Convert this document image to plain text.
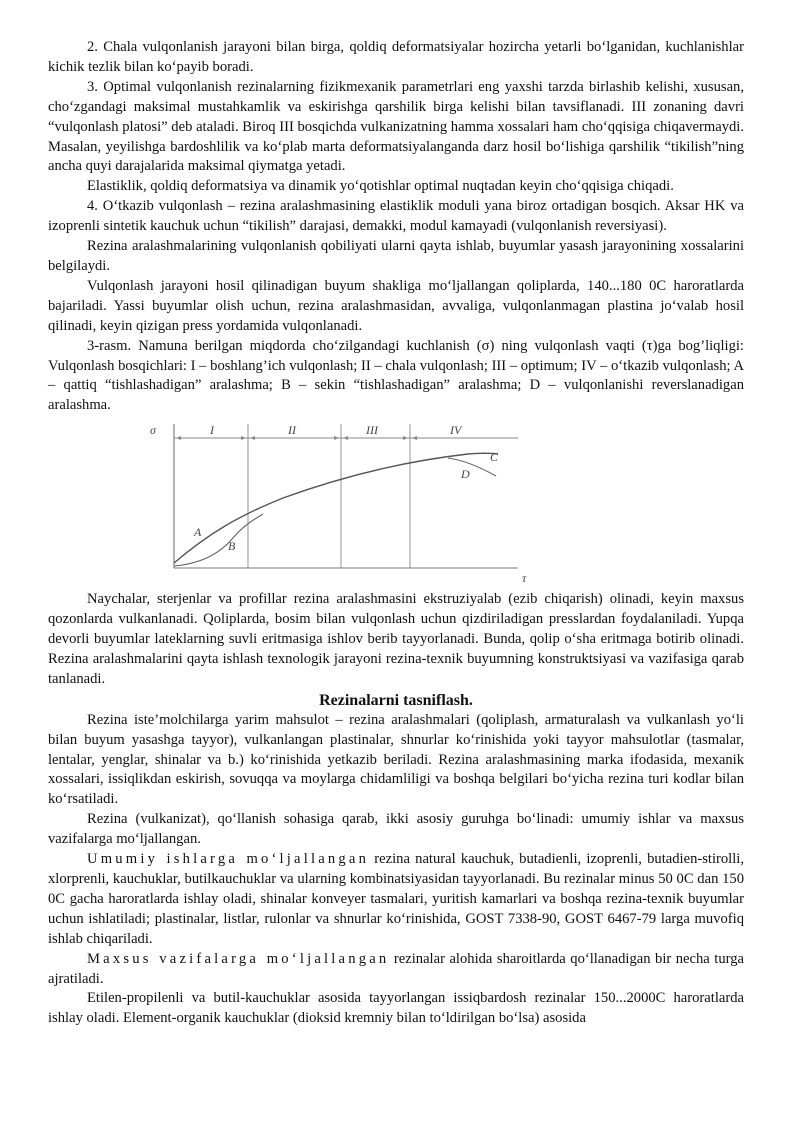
2. Chala vulqonlanish jarayoni bilan birga, qoldiq deformatsiyalar hozircha yetarli bo‘lganidan, kuchlanishlar kichik tezlik bilan ko‘payib boradi.

3. Optimal vulqonlanish rezinalarning fizikmexanik parametrlari eng yaxshi tarzda birlashib kelishi, xususan, cho‘zgandagi maksimal mustahkamlik va eskirishga qarshilik birga kelishi bilan tavsiflanadi. III zonaning davri “vulqonlash platosi” deb ataladi. Biroq III bosqichda vulkanizatning hamma xossalari ham cho‘qqisiga chiqavermaydi. Masalan, yeyilishga bardoshlilik va ko‘plab marta deformatsiyalanganda darz hosil bo‘lishiga qarshilik “tikilish”ning ancha quyi darajalarida maksimal qiymatga yetadi.

Elastiklik, qoldiq deformatsiya va dinamik yo‘qotishlar optimal nuqtadan keyin cho‘qqisiga chiqadi.

4. O‘tkazib vulqonlash – rezina aralashmasining elastiklik moduli yana biroz ortadigan bosqich. Aksar HK va izoprenli sintetik kauchuk uchun “tikilish” darajasi, demakki, modul kamayadi (vulqonlanish reversiyasi).

Rezina aralashmalarining vulqonlanish qobiliyati ularni qayta ishlab, buyumlar yasash jarayonining xossalarini belgilaydi.

Vulqonlash jarayoni hosil qilinadigan buyum shakliga mo‘ljallangan qoliplarda, 140...180 0C haroratlarda bajariladi. Yassi buyumlar olish uchun, rezina aralashmasidan, avvaliga, vulqonlanmagan plastina jo‘valab hosil qilinadi, keyin qizigan press yordamida vulqonlanadi.

3-rasm. Namuna berilgan miqdorda cho‘zilgandagi kuchlanish (σ) ning vulqonlash vaqti (τ)ga bog’liqligi: Vulqonlash bosqichlari: I – boshlang’ich vulqonlash; II – chala vulqonlash; III – optimum; IV – o‘tkazib vulqonlash; A – qattiq “tishlashadigan” aralashma; B – sekin “tishlashadigan” aralashma; D – vulqonlanishi reverslanadigan aralashma.

σ
τ
I	II	III	IV
A
B
C
D

Naychalar, sterjenlar va profillar rezina aralashmasini ekstruziyalab (ezib chiqarish) olinadi, keyin maxsus qozonlarda vulkanlanadi. Qoliplarda, bosim bilan vulqonlash uchun qizdiriladigan presslardan foydalaniladi. Yupqa devorli buyumlar lateklarning suvli eritmasiga ishlov berib tayyorlanadi. Bunda, qolip o‘sha eritmaga botirib olinadi. Rezina aralashmalarini qayta ishlash texnologik jarayoni rezina-texnik buyumning konstruktsiyasi va vazifasiga qarab tanlanadi.

Rezinalarni tasniflash.

Rezina iste’molchilarga yarim mahsulot – rezina aralashmalari (qoliplash, armaturalash va vulkanlash yo‘li bilan buyum yasashga tayyor), vulkanlangan plastinalar, shnurlar ko‘rinishida yoki tayyor mahsulotlar (tasmalar, lentalar, yenglar, shinalar va b.) ko‘rinishida yetkazib beriladi. Rezina aralashmasining marka ifodasida, mexanik xossalari, issiqlikdan eskirish, sovuqqa va moylarga chidamliligi va boshqa belgilari bo‘yicha rezina turi kodlar bilan ko‘rsatiladi.

Rezina (vulkanizat), qo‘llanish sohasiga qarab, ikki asosiy guruhga bo‘linadi: umumiy ishlar va maxsus vazifalarga mo‘ljallangan.

Umumiy ishlarga mo‘ljallangan rezina natural kauchuk, butadienli, izoprenli, butadien-stirolli, xlorprenli, kauchuklar, butilkauchuklar va ularning kombinatsiyasidan tayyorlanadi. Bu rezinalar minus 50 0C dan 150 0C gacha haroratlarda ishlay oladi, shinalar konveyer tasmalari, yuritish kamarlari va boshqa rezina-texnik buyumlar uchun ishlatiladi; plastinalar, listlar, rulonlar va shnurlar ko‘rinishida, GOST 7338-90, GOST 6467-79 larga muvofiq ishlab chiqariladi.

Maxsus vazifalarga mo‘ljallangan rezinalar alohida sharoitlarda qo‘llanadigan bir necha turga ajratiladi.

Etilen-propilenli va butil-kauchuklar asosida tayyorlangan issiqbardosh rezinalar 150...2000C haroratlarda ishlay oladi. Element-organik kauchuklar (dioksid kremniy bilan to‘ldirilgan bo‘lsa) asosida
